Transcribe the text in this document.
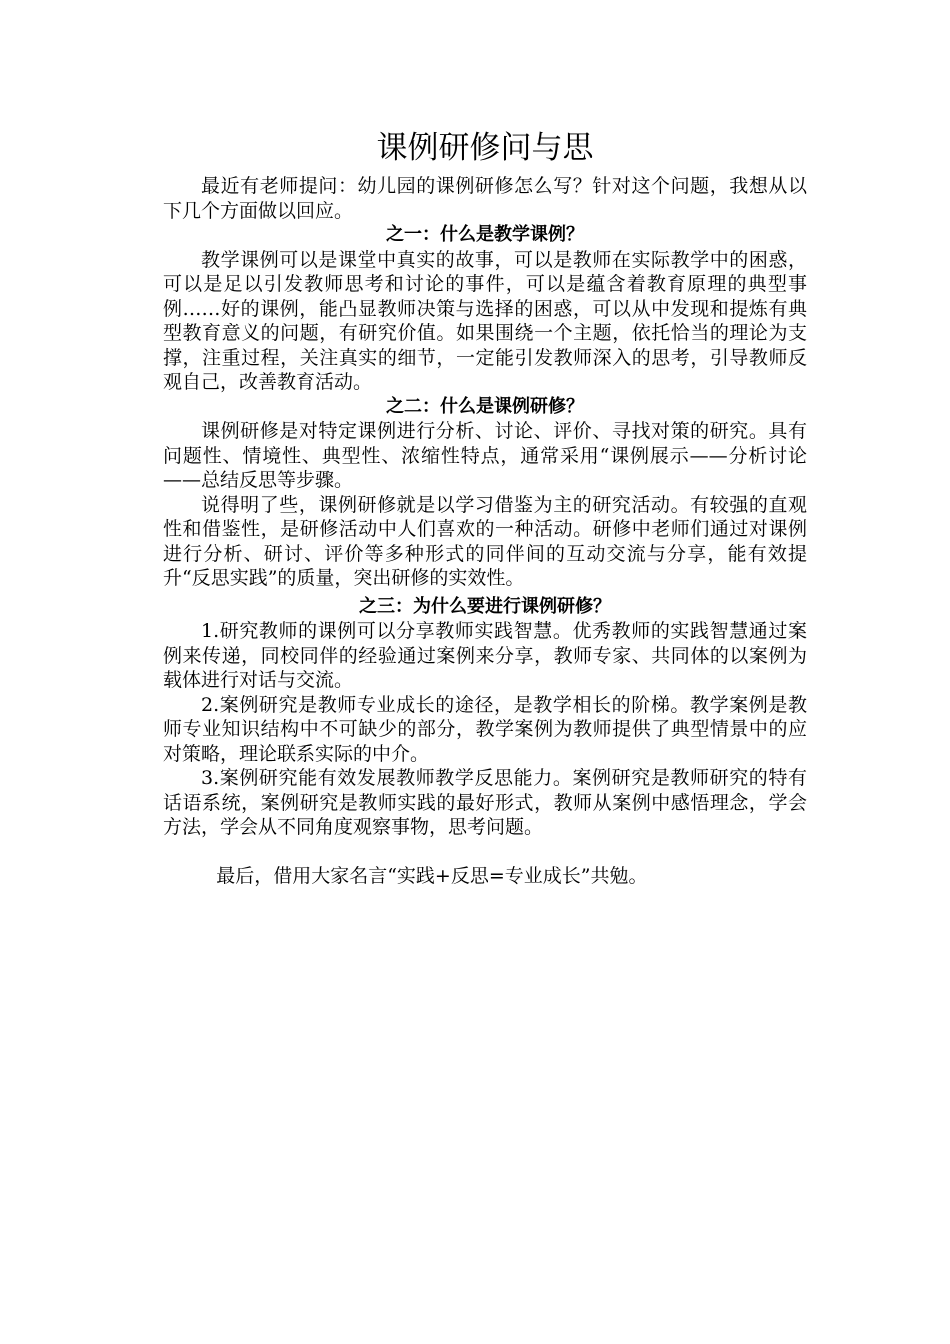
课例研修问与思

最近有老师提问：幼儿园的课例研修怎么写？针对这个问题，我想从以下几个方面做以回应。

之一：什么是教学课例？

教学课例可以是课堂中真实的故事，可以是教师在实际教学中的困惑，可以是足以引发教师思考和讨论的事件，可以是蕴含着教育原理的典型事例……好的课例，能凸显教师决策与选择的困惑，可以从中发现和提炼有典型教育意义的问题，有研究价值。如果围绕一个主题，依托恰当的理论为支撑，注重过程，关注真实的细节，一定能引发教师深入的思考，引导教师反观自己，改善教育活动。

之二：什么是课例研修？

课例研修是对特定课例进行分析、讨论、评价、寻找对策的研究。具有问题性、情境性、典型性、浓缩性特点，通常采用“课例展示——分析讨论——总结反思等步骤。

说得明了些，课例研修就是以学习借鉴为主的研究活动。有较强的直观性和借鉴性，是研修活动中人们喜欢的一种活动。研修中老师们通过对课例进行分析、研讨、评价等多种形式的同伴间的互动交流与分享，能有效提升“反思实践”的质量，突出研修的实效性。

之三：为什么要进行课例研修？

1.研究教师的课例可以分享教师实践智慧。优秀教师的实践智慧通过案例来传递，同校同伴的经验通过案例来分享，教师专家、共同体的以案例为载体进行对话与交流。

2.案例研究是教师专业成长的途径，是教学相长的阶梯。教学案例是教师专业知识结构中不可缺少的部分，教学案例为教师提供了典型情景中的应对策略，理论联系实际的中介。

3.案例研究能有效发展教师教学反思能力。案例研究是教师研究的特有话语系统，案例研究是教师实践的最好形式，教师从案例中感悟理念，学会方法，学会从不同角度观察事物，思考问题。

最后，借用大家名言“实践+反思=专业成长”共勉。
